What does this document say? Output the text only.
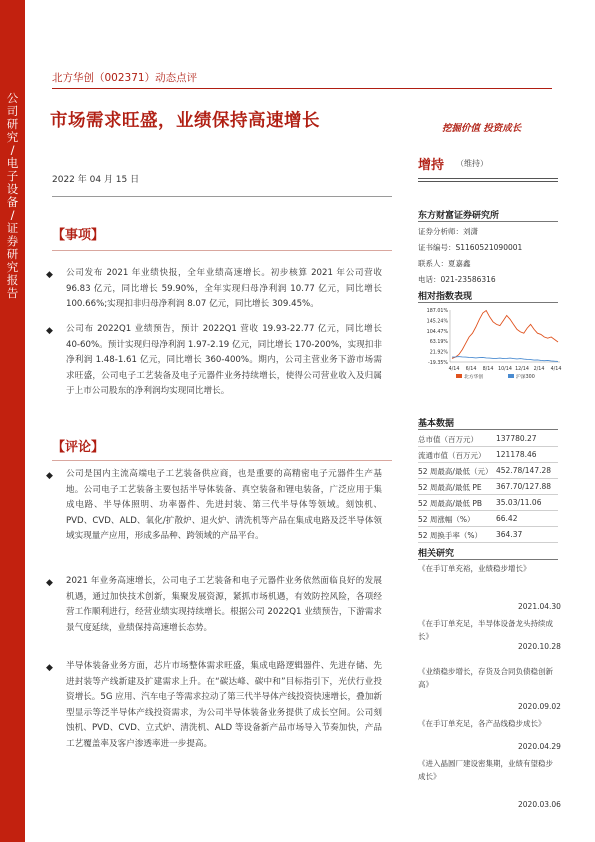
公
司
研
究
/
电
子
设
备
/
证
券
研
究
报
告
北方华创（002371）动态点评
市场需求旺盛，业绩保持高速增长	挖掘价值 投资成长
2022 年 04 月 15 日
【事项】
◆ 公司发布 2021 年业绩快报，全年业绩高速增长。初步核算 2021 年公司营收 96.83 亿元，同比增长 59.90%，全年实现归母净利润 10.77 亿元，同比增长 100.66%;实现扣非归母净利润 8.07 亿元，同比增长 309.45%。
◆ 公司布 2022Q1 业绩预告，预计 2022Q1 营收 19.93-22.77 亿元，同比增长 40-60%。预计实现归母净利润 1.97-2.19 亿元，同比增长 170-200%，实现扣非净利润 1.48-1.61 亿元，同比增长 360-400%。期内，公司主营业务下游市场需求旺盛，公司电子工艺装备及电子元器件业务持续增长，使得公司营业收入及归属于上市公司股东的净利润均实现同比增长。
【评论】
◆ 公司是国内主流高端电子工艺装备供应商，也是重要的高精密电子元器件生产基地。公司电子工艺装备主要包括半导体装备、真空装备和锂电装备，广泛应用于集成电路、半导体照明、功率器件、先进封装、第三代半导体等领域。刻蚀机、PVD、CVD、ALD、氧化/扩散炉、退火炉、清洗机等产品在集成电路及泛半导体领域实现量产应用，形成多品种、跨领域的产品平台。
◆ 2021 年业务高速增长，公司电子工艺装备和电子元器件业务依然面临良好的发展机遇，通过加快技术创新，集聚发展资源，紧抓市场机遇，有效防控风险，各项经营工作顺利进行，经营业绩实现持续增长。根据公司 2022Q1 业绩预告，下游需求景气度延续，业绩保持高速增长态势。
◆ 半导体装备业务方面，芯片市场整体需求旺盛，集成电路逻辑器件、先进存储、先进封装等产线新建及扩建需求上升。在“碳达峰、碳中和”目标指引下，光伏行业投资增长。5G 应用、汽车电子等需求拉动了第三代半导体产线投资快速增长，叠加新型显示等泛半导体产线投资需求，为公司半导体装备业务提供了成长空间。公司刻蚀机、PVD、CVD、立式炉、清洗机、ALD 等设备新产品市场导入节奏加快，产品工艺覆盖率及客户渗透率进一步提高。
增持 （维持）
东方财富证券研究所
证券分析师：刘潇
证书编号：S1160521090001
联系人：夏嘉鑫
电话：021-23586316
相对指数表现
187.01%
145.24%
104.47%
63.19%
21.92%
-19.35%
4/14 6/14 8/14 10/14 12/14 2/14 4/14
北方华创	沪深300
基本数据
总市值（百万元） 137780.27
流通市值（百万元） 121178.46
52 周最高/最低（元） 452.78/147.28
52 周最高/最低 PE 367.70/127.88
52 周最高/最低 PB 35.03/11.06
52 周涨幅（%）	66.42
52 周换手率（%） 364.37
相关研究
《在手订单充裕，业绩稳步增长》
2021.04.30
《在手订单充足，半导体设备龙头持续成长》
2020.10.28
《业绩稳步增长，存货及合同负债稳创新高》
2020.09.02
《在手订单充足，各产品线稳步成长》
2020.04.29
《进入晶圆厂建设密集期，业绩有望稳步成长》
2020.03.06
